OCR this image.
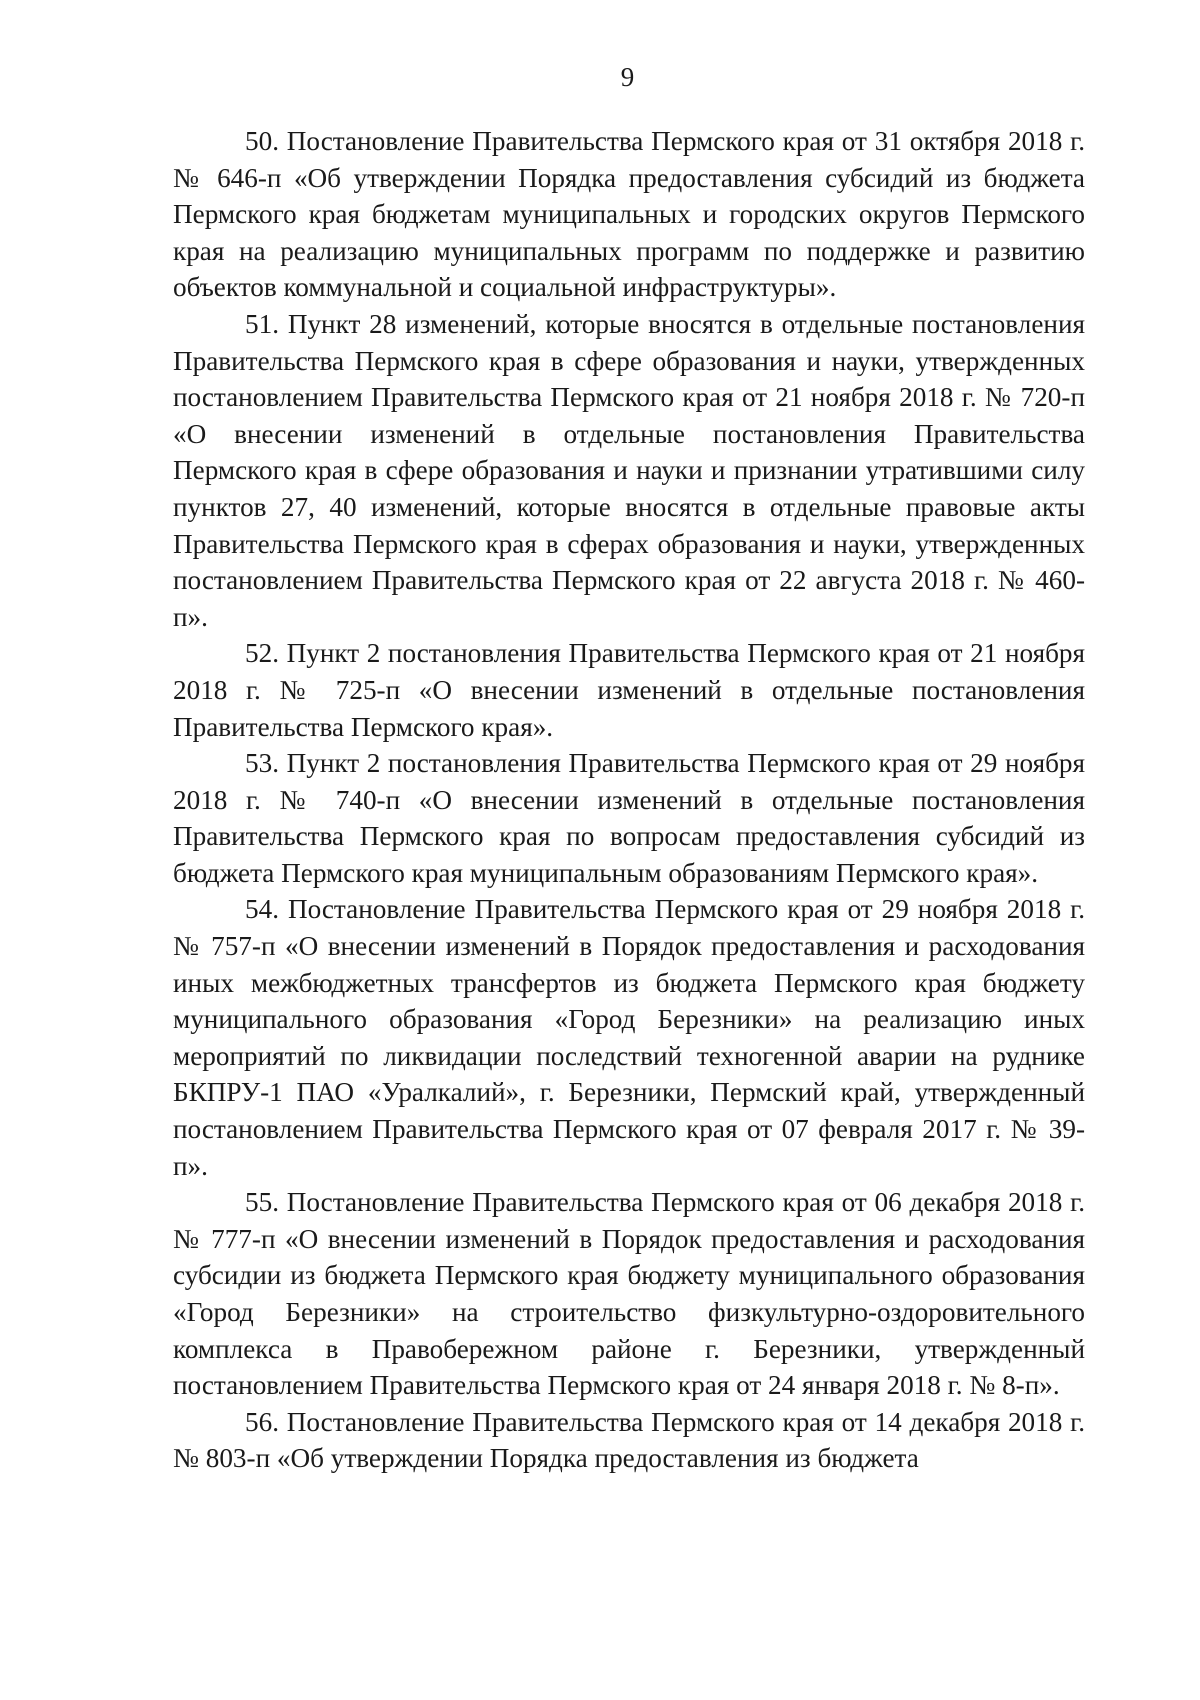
9

50. Постановление Правительства Пермского края от 31 октября 2018 г. № 646-п «Об утверждении Порядка предоставления субсидий из бюджета Пермского края бюджетам муниципальных и городских округов Пермского края на реализацию муниципальных программ по поддержке и развитию объектов коммунальной и социальной инфраструктуры».

51. Пункт 28 изменений, которые вносятся в отдельные постановления Правительства Пермского края в сфере образования и науки, утвержденных постановлением Правительства Пермского края от 21 ноября 2018 г. № 720-п «О внесении изменений в отдельные постановления Правительства Пермского края в сфере образования и науки и признании утратившими силу пунктов 27, 40 изменений, которые вносятся в отдельные правовые акты Правительства Пермского края в сферах образования и науки, утвержденных постановлением Правительства Пермского края от 22 августа 2018 г. № 460-п».

52. Пункт 2 постановления Правительства Пермского края от 21 ноября 2018 г. № 725-п «О внесении изменений в отдельные постановления Правительства Пермского края».

53. Пункт 2 постановления Правительства Пермского края от 29 ноября 2018 г. № 740-п «О внесении изменений в отдельные постановления Правительства Пермского края по вопросам предоставления субсидий из бюджета Пермского края муниципальным образованиям Пермского края».

54. Постановление Правительства Пермского края от 29 ноября 2018 г. № 757-п «О внесении изменений в Порядок предоставления и расходования иных межбюджетных трансфертов из бюджета Пермского края бюджету муниципального образования «Город Березники» на реализацию иных мероприятий по ликвидации последствий техногенной аварии на руднике БКПРУ-1 ПАО «Уралкалий», г. Березники, Пермский край, утвержденный постановлением Правительства Пермского края от 07 февраля 2017 г. № 39-п».

55. Постановление Правительства Пермского края от 06 декабря 2018 г. № 777-п «О внесении изменений в Порядок предоставления и расходования субсидии из бюджета Пермского края бюджету муниципального образования «Город Березники» на строительство физкультурно-оздоровительного комплекса в Правобережном районе г. Березники, утвержденный постановлением Правительства Пермского края от 24 января 2018 г. № 8-п».

56. Постановление Правительства Пермского края от 14 декабря 2018 г. № 803-п «Об утверждении Порядка предоставления из бюджета
